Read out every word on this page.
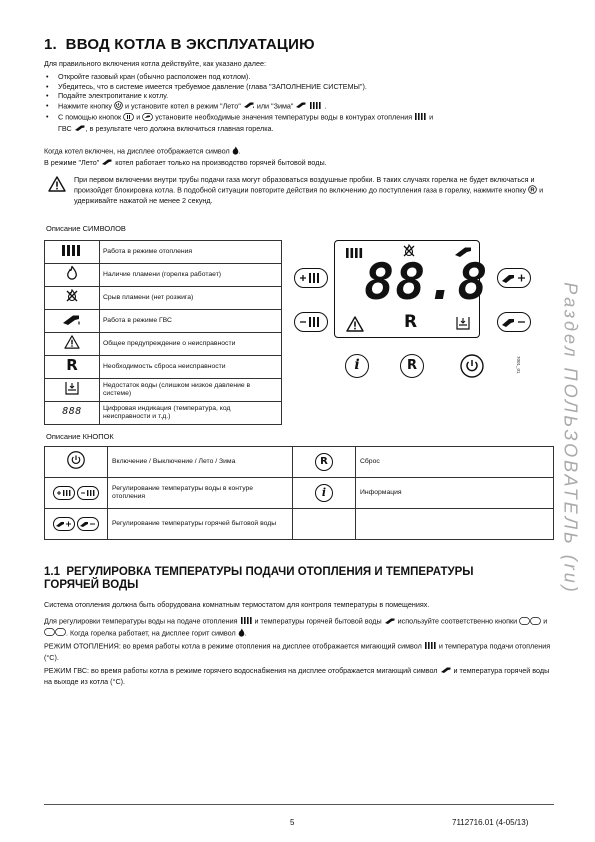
1. ВВОД КОТЛА В ЭКСПЛУАТАЦИЮ
Для правильного включения котла действуйте, как указано далее:
• Откройте газовый кран (обычно расположен под котлом).
• Убедитесь, что в системе имеется требуемое давление (глава "ЗАПОЛНЕНИЕ СИСТЕМЫ").
• Подайте электропитание к котлу.
• Нажмите кнопку и установите котел в режим "Лето" или "Зима"	.
• С помощью кнопок и установите необходимые значения температуры воды в контурах отопления и
ГВС , в результате чего должна включиться главная горелка.
Когда котел включен, на дисплее отображается символ .
В режиме "Лето" котел работает только на производство горячей бытовой воды.
При первом включении внутри трубы подачи газа могут образоваться воздушные пробки. В таких случаях горелка не будет включаться и произойдет блокировка котла. В подобной ситуации повторите действия по включению до поступления газа в горелку, нажмите кнопку R и удерживайте нажатой не менее 2 секунд.
Описание СИМВОЛОВ
	Работа в режиме отопления
	Наличие пламени (горелка работает)
	Срыв пламени (нет розжига)
	Работа в режиме ГВС
	Общее предупреждение о неисправности
R	Необходимость сброса неисправности
	Недостаток воды (слишком низкое давление в системе)
888	Цифровая индикация (температура, код неисправности и т.д.)
88.8
R
i	R	7001_01
Описание КНОПОК
	Включение / Выключение / Лето / Зима	R	Сброс
	Регулирование температуры воды в контуре отопления	i	Информация
	Регулирование температуры горячей бытовой воды		
1.1 РЕГУЛИРОВКА ТЕМПЕРАТУРЫ ПОДАЧИ ОТОПЛЕНИЯ И ТЕМПЕРАТУРЫ ГОРЯЧЕЙ ВОДЫ
Система отопления должна быть оборудована комнатным термостатом для контроля температуры в помещениях.
Для регулировки температуры воды на подаче отопления и температуры горячей бытовой воды используйте соответственно кнопки	и . Когда горелка работает, на дисплее горит символ .
РЕЖИМ ОТОПЛЕНИЯ: во время работы котла в режиме отопления на дисплее отображается мигающий символ и температура подачи отопления (°C).
РЕЖИМ ГВС: во время работы котла в режиме горячего водоснабжения на дисплее отображается мигающий символ и температура горячей воды на выходе из котла (°C).
Раздел ПОЛЬЗОВАТЕЛЬ (ru)
5	7112716.01 (4-05/13)
